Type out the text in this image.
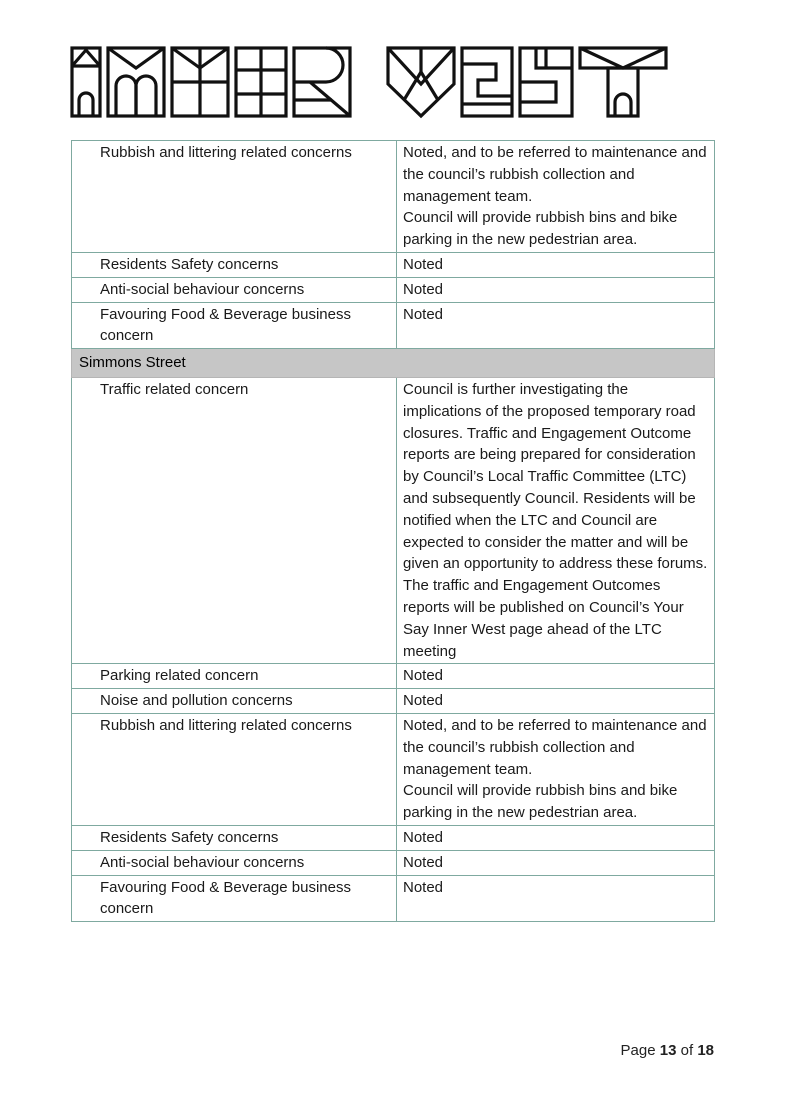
Rubbish and littering related concerns	Noted, and to be referred to maintenance and the council’s rubbish collection and management team.
Council will provide rubbish bins and bike parking in the new pedestrian area.
Residents Safety concerns	Noted
Anti-social behaviour concerns	Noted
Favouring Food & Beverage business concern	Noted
Simmons Street	
Traffic related concern	Council is further investigating the implications of the proposed temporary road closures. Traffic and Engagement Outcome reports are being prepared for consideration by Council’s Local Traffic Committee (LTC) and subsequently Council. Residents will be notified when the LTC and Council are expected to consider the matter and will be given an opportunity to address these forums. The traffic and Engagement Outcomes reports will be published on Council’s Your Say Inner West page ahead of the LTC meeting
Parking related concern	Noted
Noise and pollution concerns	Noted
Rubbish and littering related concerns	Noted, and to be referred to maintenance and the council’s rubbish collection and management team.
Council will provide rubbish bins and bike parking in the new pedestrian area.
Residents Safety concerns	Noted
Anti-social behaviour concerns	Noted
Favouring Food & Beverage business concern	Noted
Page 13 of 18
